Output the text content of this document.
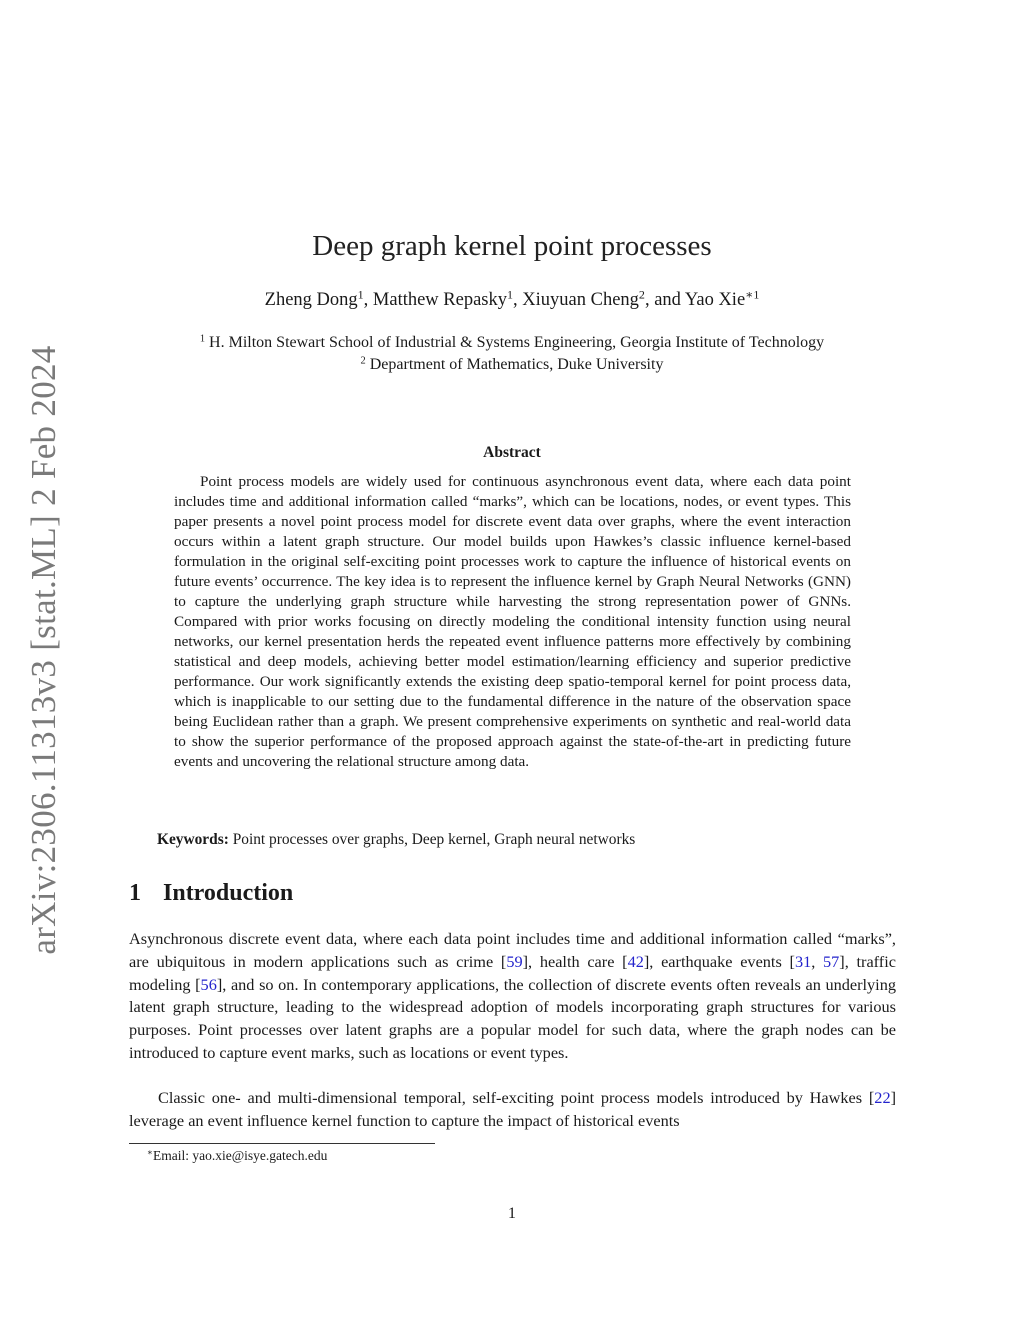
arXiv:2306.11313v3 [stat.ML] 2 Feb 2024
Deep graph kernel point processes
Zheng Dong$^1$, Matthew Repasky$^1$, Xiuyuan Cheng$^2$, and Yao Xie$^{∗1}$
$^1$ H. Milton Stewart School of Industrial & Systems Engineering, Georgia Institute of Technology
$^2$ Department of Mathematics, Duke University
Abstract

Point process models are widely used for continuous asynchronous event data, where each data point includes time and additional information called “marks”, which can be locations, nodes, or event types. This paper presents a novel point process model for discrete event data over graphs, where the event interaction occurs within a latent graph structure. Our model builds upon Hawkes’s classic influence kernel-based formulation in the original self-exciting point processes work to capture the influence of historical events on future events’ occurrence. The key idea is to represent the influence kernel by Graph Neural Networks (GNN) to capture the underlying graph structure while harvesting the strong representation power of GNNs. Compared with prior works focusing on directly modeling the conditional intensity function using neural networks, our kernel presentation herds the repeated event influence patterns more effectively by combining statistical and deep models, achieving better model estimation/learning efficiency and superior predictive performance. Our work significantly extends the existing deep spatio-temporal kernel for point process data, which is inapplicable to our setting due to the fundamental difference in the nature of the observation space being Euclidean rather than a graph. We present comprehensive experiments on synthetic and real-world data to show the superior performance of the proposed approach against the state-of-the-art in predicting future events and uncovering the relational structure among data.

Keywords: Point processes over graphs, Deep kernel, Graph neural networks
1 Introduction

Asynchronous discrete event data, where each data point includes time and additional information called “marks”, are ubiquitous in modern applications such as crime [59], health care [42], earthquake events [31, 57], traffic modeling [56], and so on. In contemporary applications, the collection of discrete events often reveals an underlying latent graph structure, leading to the widespread adoption of models incorporating graph structures for various purposes. Point processes over latent graphs are a popular model for such data, where the graph nodes can be introduced to capture event marks, such as locations or event types.

Classic one- and multi-dimensional temporal, self-exciting point process models introduced by Hawkes [22] leverage an event influence kernel function to capture the impact of historical events

∗Email: yao.xie@isye.gatech.edu
1
